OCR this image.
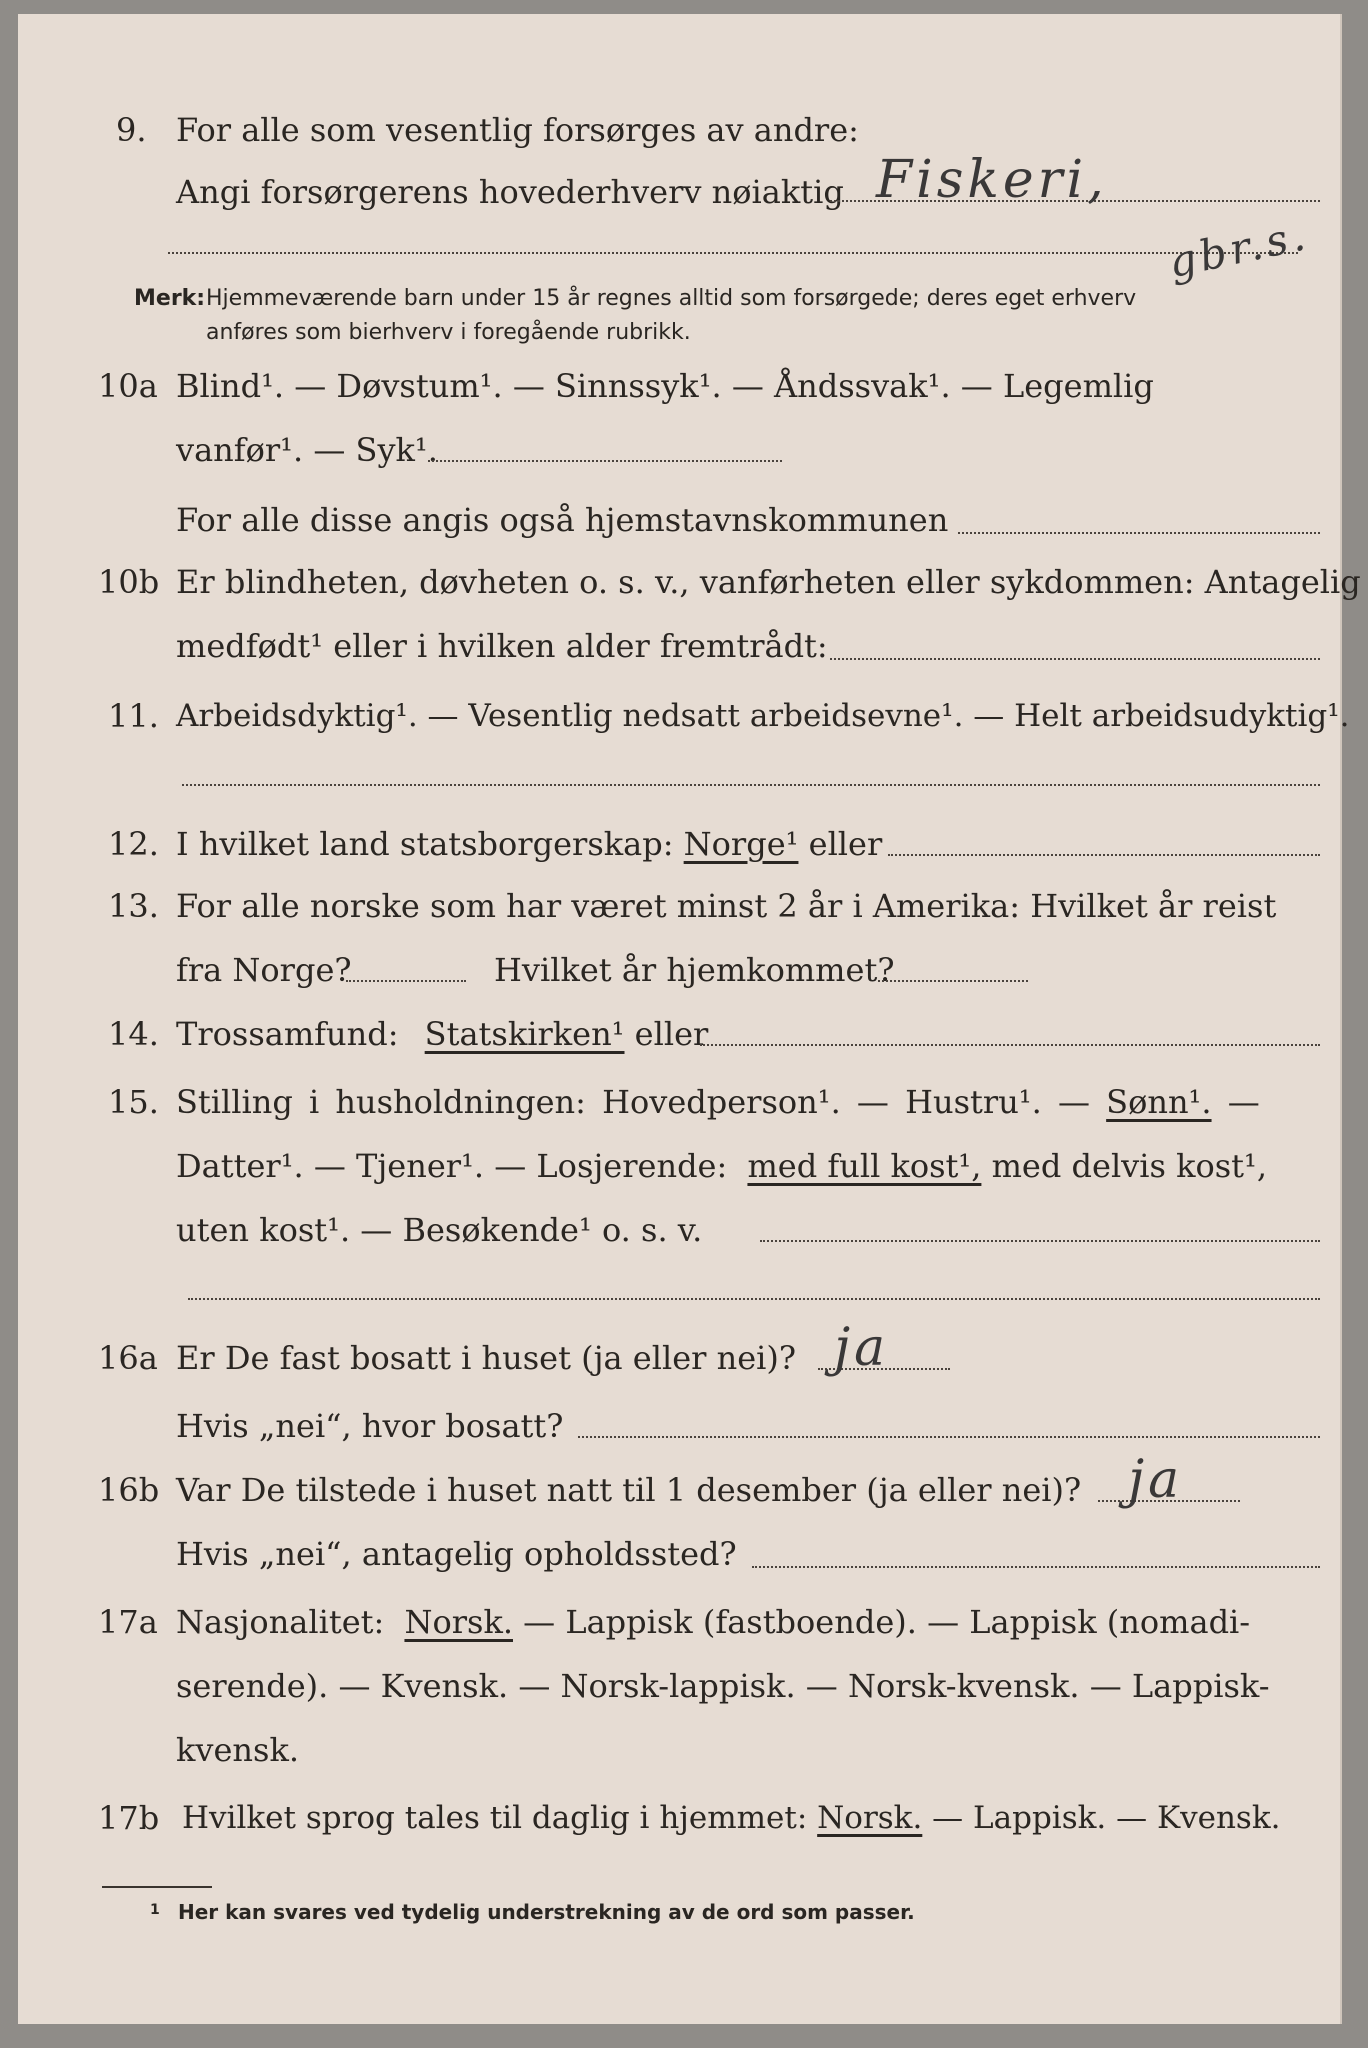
9. For alle som vesentlig forsørges av andre:
Angi forsørgerens hovederhverv nøiaktig Fiskeri,
gbr.s.
Merk: Hjemmeværende barn under 15 år regnes alltid som forsørgede; deres eget erhverv
anføres som bierhverv i foregående rubrikk.
10a Blind¹. — Døvstum¹. — Sinnssyk¹. — Åndssvak¹. — Legemlig
vanfør¹. — Syk¹.
For alle disse angis også hjemstavnskommunen
10b Er blindheten, døvheten o. s. v., vanførheten eller sykdommen: Antagelig
medfødt¹ eller i hvilken alder fremtrådt:
11. Arbeidsdyktig¹. — Vesentlig nedsatt arbeidsevne¹. — Helt arbeidsudyktig¹.
12. I hvilket land statsborgerskap: Norge¹ eller
13. For alle norske som har været minst 2 år i Amerika: Hvilket år reist
fra Norge?	Hvilket år hjemkommet?
14. Trossamfund: Statskirken¹ eller
15. Stilling i husholdningen: Hovedperson¹. — Hustru¹. — Sønn¹. —
Datter¹. — Tjener¹. — Losjerende: med full kost¹, med delvis kost¹,
uten kost¹. — Besøkende¹ o. s. v.
16a Er De fast bosatt i huset (ja eller nei)? ja
Hvis „nei“, hvor bosatt?
16b Var De tilstede i huset natt til 1 desember (ja eller nei)? ja
Hvis „nei“, antagelig opholdssted?
17a Nasjonalitet: Norsk. — Lappisk (fastboende). — Lappisk (nomadi-
serende). — Kvensk. — Norsk-lappisk. — Norsk-kvensk. — Lappisk-
kvensk.
17b Hvilket sprog tales til daglig i hjemmet: Norsk. — Lappisk. — Kvensk.
1 Her kan svares ved tydelig understrekning av de ord som passer.
